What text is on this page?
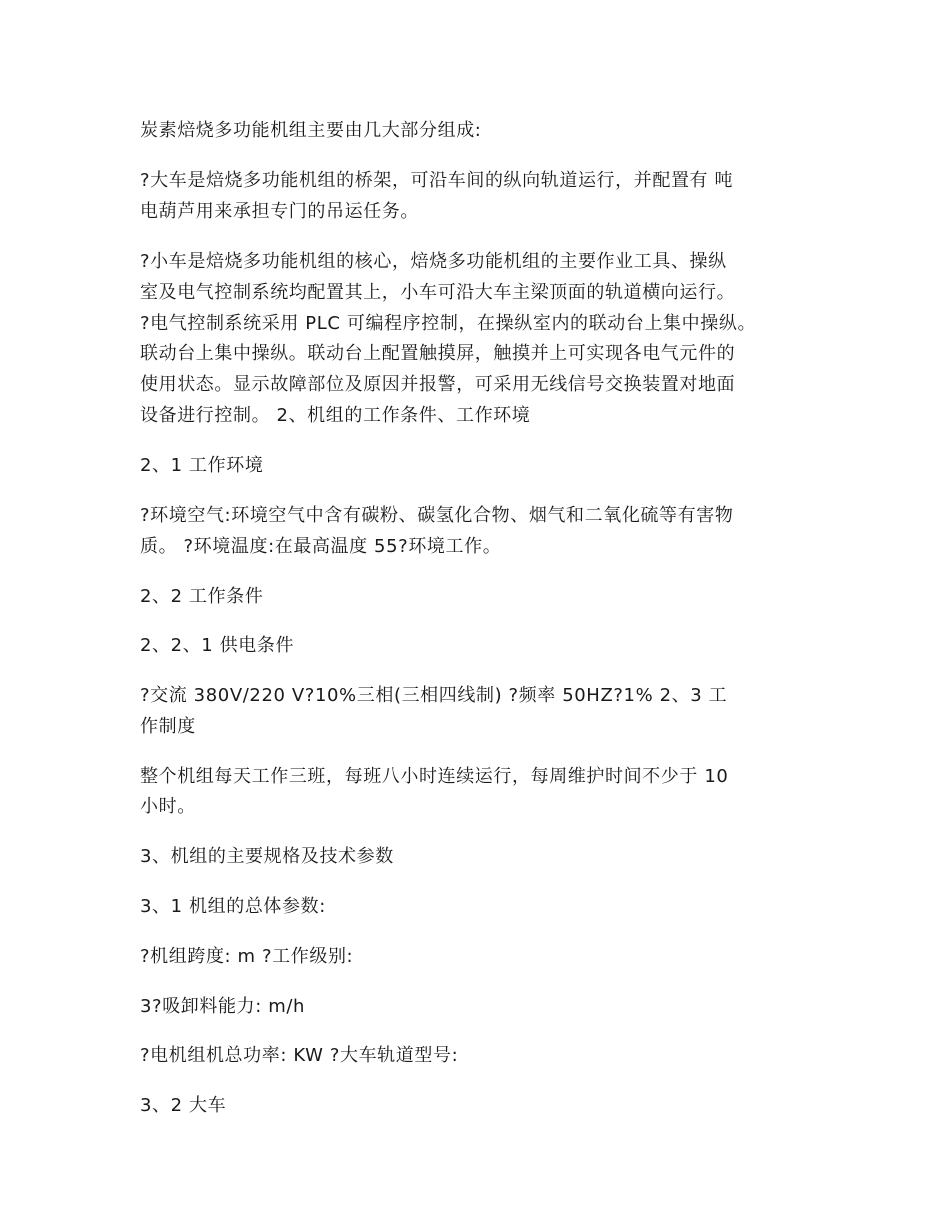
炭素焙烧多功能机组主要由几大部分组成:
?大车是焙烧多功能机组的桥架，可沿车间的纵向轨道运行，并配置有 吨
电葫芦用来承担专门的吊运任务。
?小车是焙烧多功能机组的核心，焙烧多功能机组的主要作业工具、操纵
室及电气控制系统均配置其上，小车可沿大车主梁顶面的轨道横向运行。
?电气控制系统采用 PLC 可编程序控制，在操纵室内的联动台上集中操纵。
联动台上集中操纵。联动台上配置触摸屏，触摸并上可实现各电气元件的
使用状态。显示故障部位及原因并报警，可采用无线信号交换装置对地面
设备进行控制。 2、机组的工作条件、工作环境
2、1 工作环境
?环境空气:环境空气中含有碳粉、碳氢化合物、烟气和二氧化硫等有害物
质。 ?环境温度:在最高温度 55?环境工作。
2、2 工作条件
2、2、1 供电条件
?交流 380V/220 V?10%三相(三相四线制) ?频率 50HZ?1% 2、3 工
作制度
整个机组每天工作三班，每班八小时连续运行，每周维护时间不少于 10
小时。
3、机组的主要规格及技术参数
3、1 机组的总体参数:
?机组跨度: m ?工作级别:
3?吸卸料能力: m/h
?电机组机总功率: KW ?大车轨道型号:
3、2 大车
